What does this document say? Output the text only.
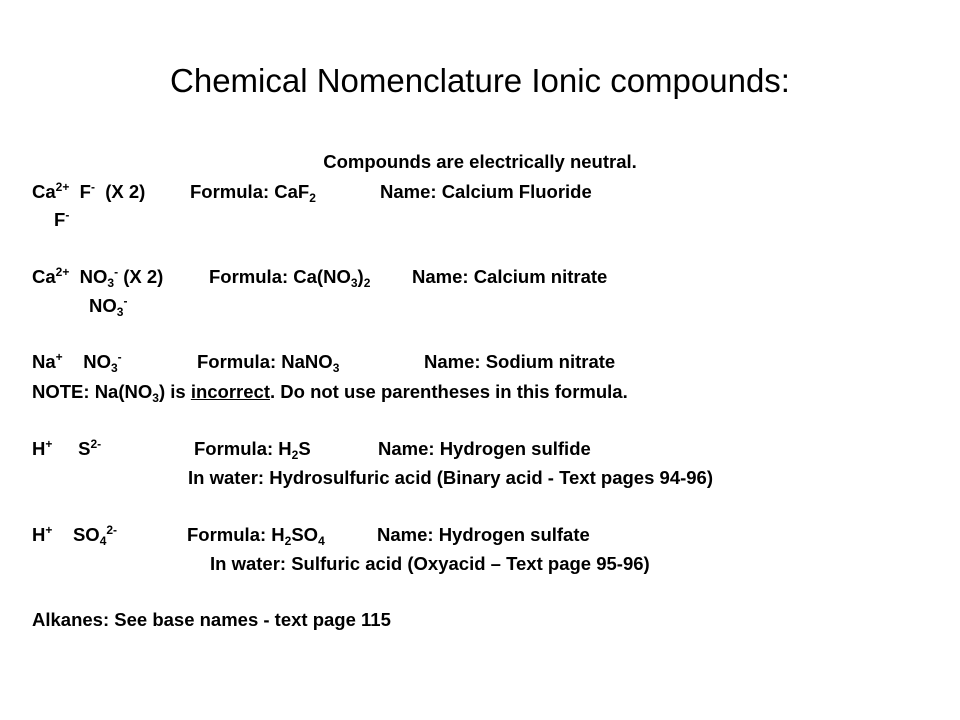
Chemical Nomenclature Ionic compounds:
Compounds are electrically neutral.
$Ca^{2+}$ F- (X 2) Formula: CaF$_2$	Name: Calcium Fluoride
F-
$Ca^{2+}$ $NO_3^-$ (X 2) Formula: $Ca(NO_3)_2$ Name: Calcium nitrate
$NO_3^-$
Na+ $NO_3^-$	Formula: NaNO$_3$	Name: Sodium nitrate
NOTE: $Na(NO_3)$ is incorrect. Do not use parentheses in this formula.
H+ $S^{2-}$	Formula: $H_2S$	Name: Hydrogen sulfide
In water: Hydrosulfuric acid (Binary acid - Text pages 94-96)
H+ $SO_4^{2-}$	Formula: $H_2SO_4$	Name: Hydrogen sulfate
In water: Sulfuric acid (Oxyacid – Text page 95-96)
Alkanes: See base names - text page 115
